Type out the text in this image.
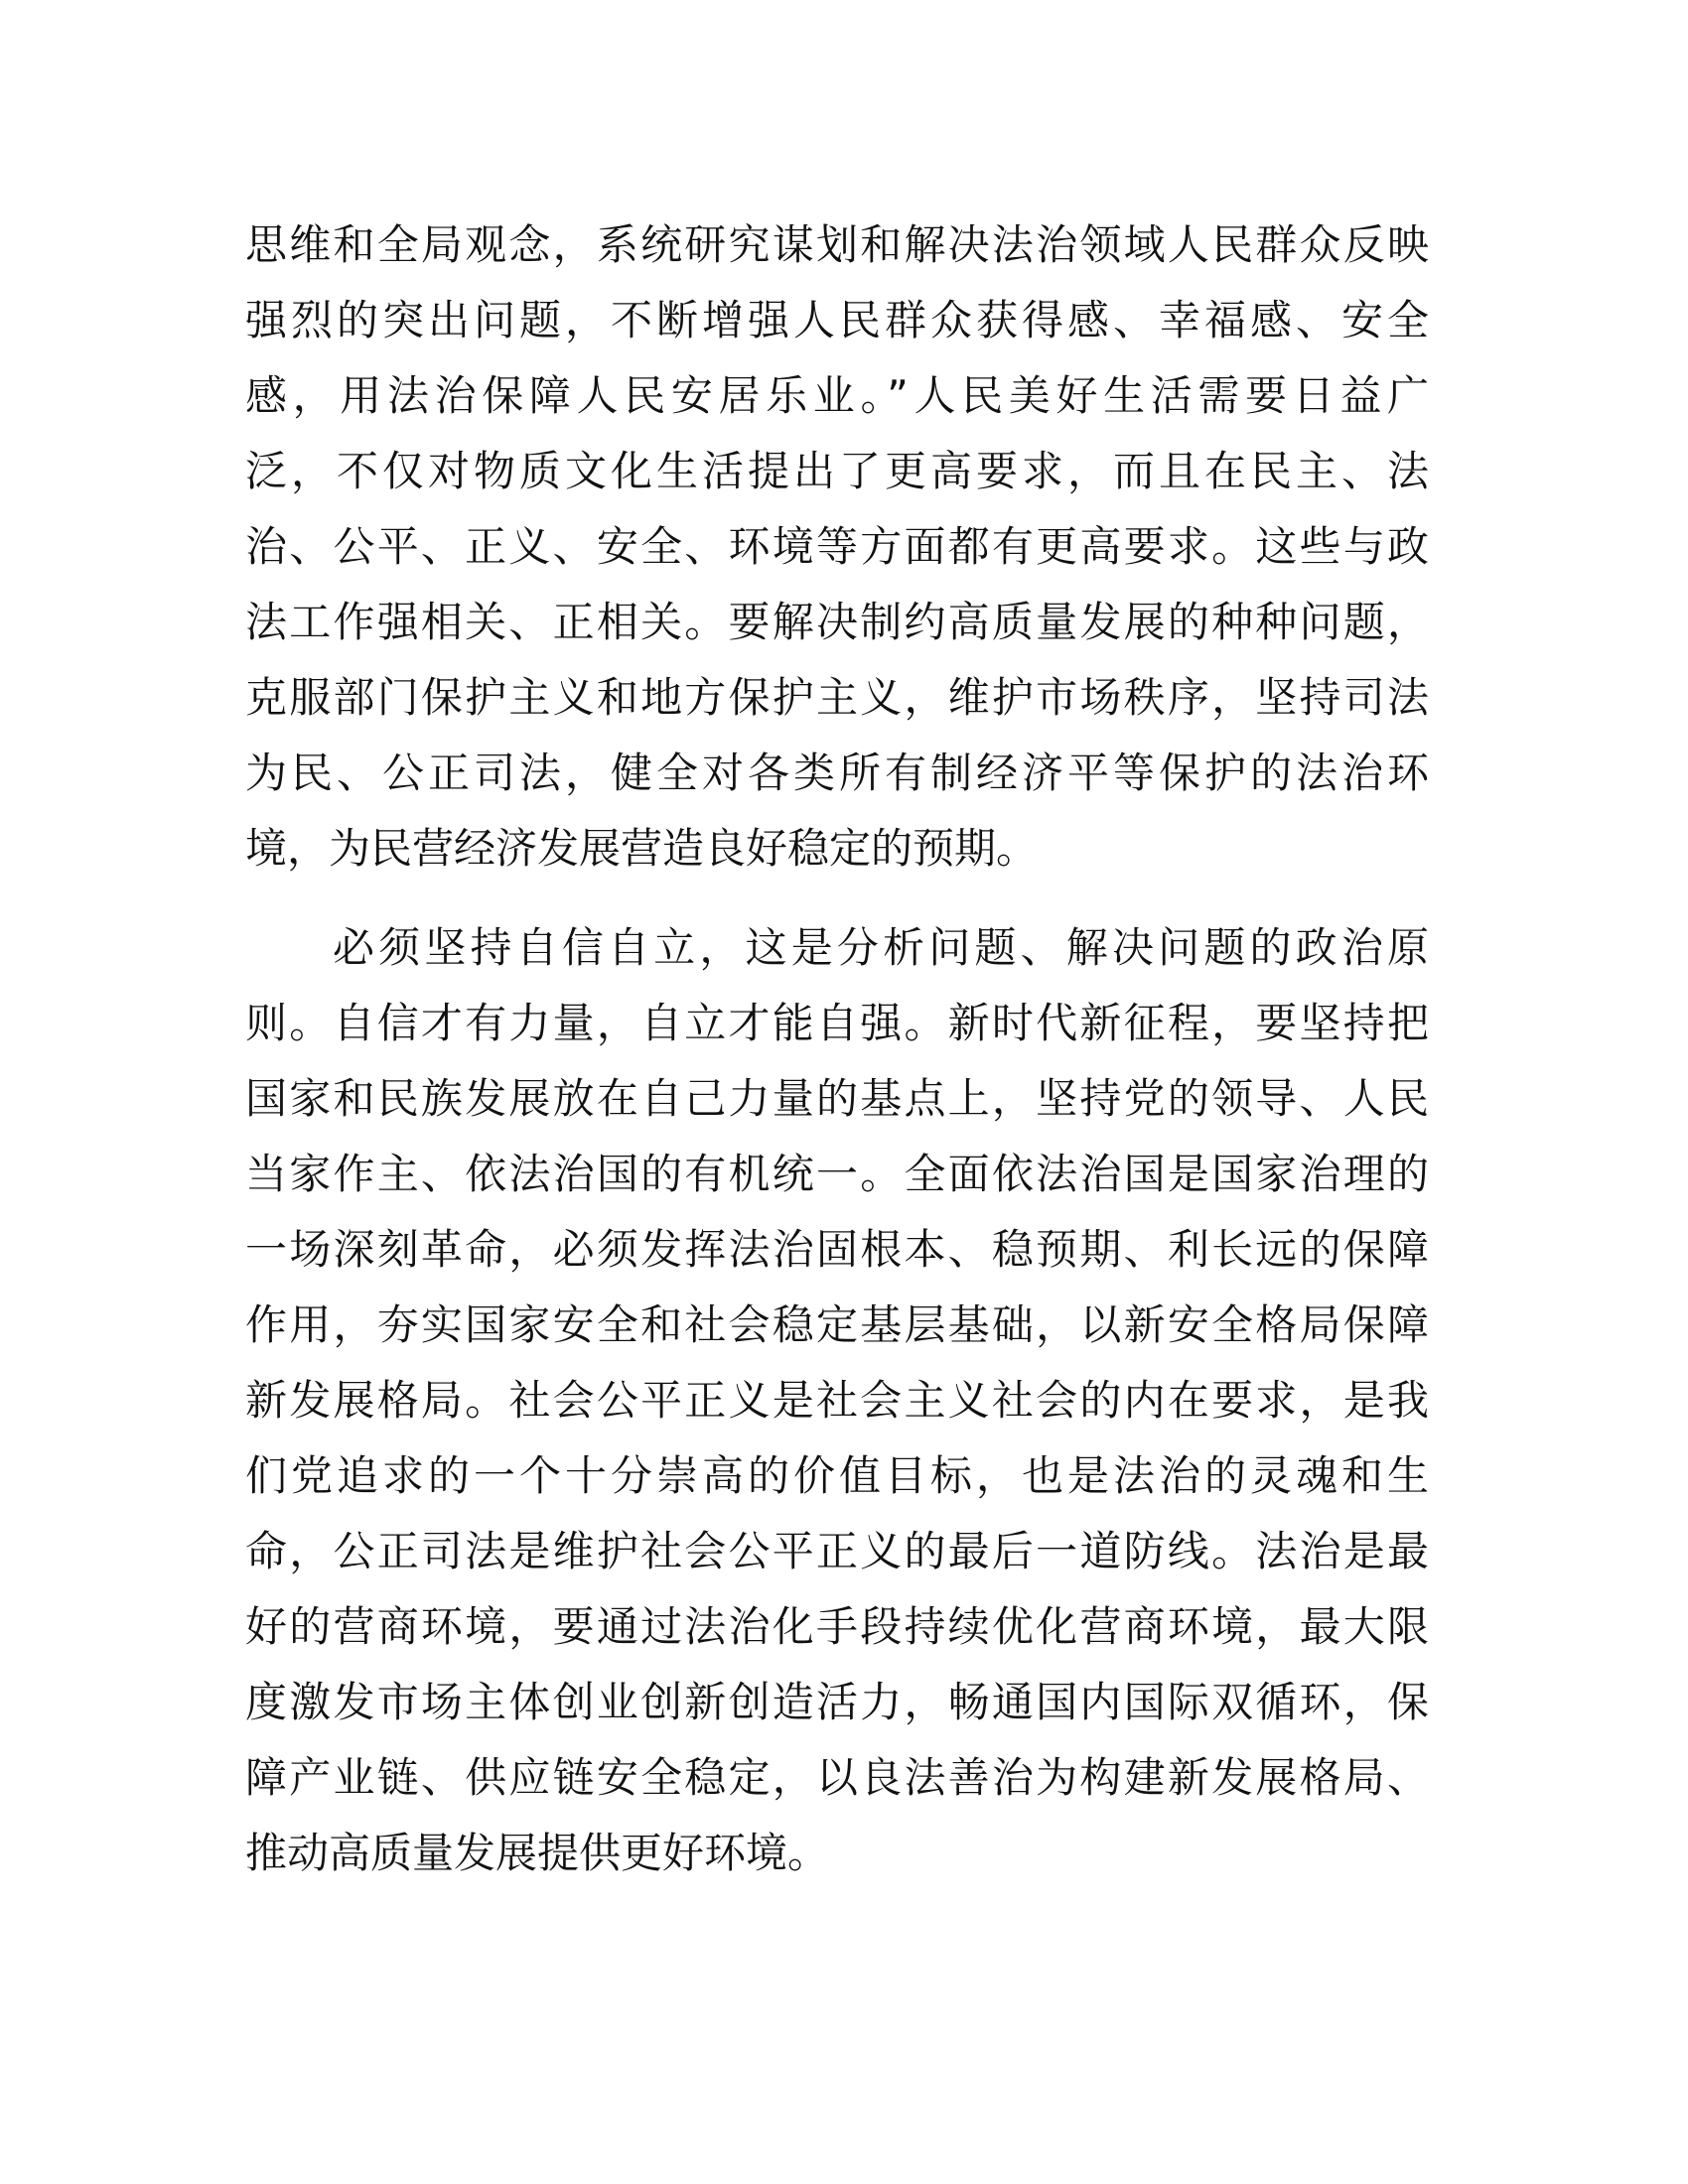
思维和全局观念，系统研究谋划和解决法治领域人民群众反映
强烈的突出问题，不断增强人民群众获得感、幸福感、安全
感，用法治保障人民安居乐业。”人民美好生活需要日益广
泛，不仅对物质文化生活提出了更高要求，而且在民主、法
治、公平、正义、安全、环境等方面都有更高要求。这些与政
法工作强相关、正相关。要解决制约高质量发展的种种问题，
克服部门保护主义和地方保护主义，维护市场秩序，坚持司法
为民、公正司法，健全对各类所有制经济平等保护的法治环
境，为民营经济发展营造良好稳定的预期。
必须坚持自信自立，这是分析问题、解决问题的政治原
则。自信才有力量，自立才能自强。新时代新征程，要坚持把
国家和民族发展放在自己力量的基点上，坚持党的领导、人民
当家作主、依法治国的有机统一。全面依法治国是国家治理的
一场深刻革命，必须发挥法治固根本、稳预期、利长远的保障
作用，夯实国家安全和社会稳定基层基础，以新安全格局保障
新发展格局。社会公平正义是社会主义社会的内在要求，是我
们党追求的一个十分崇高的价值目标，也是法治的灵魂和生
命，公正司法是维护社会公平正义的最后一道防线。法治是最
好的营商环境，要通过法治化手段持续优化营商环境，最大限
度激发市场主体创业创新创造活力，畅通国内国际双循环，保
障产业链、供应链安全稳定，以良法善治为构建新发展格局、
推动高质量发展提供更好环境。
